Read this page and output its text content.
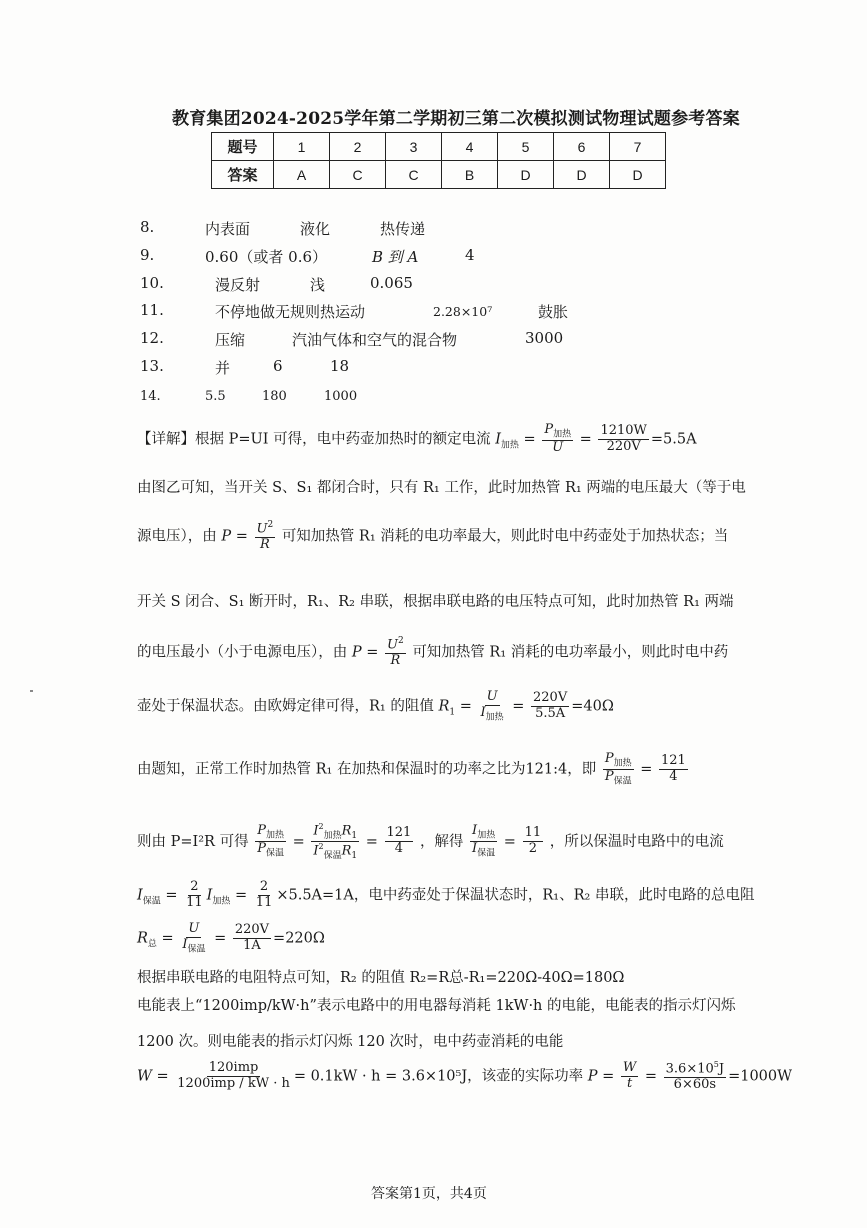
教育集团2024-2025学年第二学期初三第二次模拟测试物理试题参考答案
题号	1	2	3	4	5	6	7
答案	A	C	C	B	D	D	D
8.	内表面	液化	热传递
9.	0.60（或者 0.6）	B 到 A	4
10.	漫反射	浅	0.065
11.	不停地做无规则热运动	2.28×10⁷	鼓胀
12.	压缩	汽油气体和空气的混合物	3000
13.	并	6	18
14.	5.5	180	1000
【详解】根据 P=UI 可得，电中药壶加热时的额定电流 $I_{加热} = \frac{P_{加热}}{U} = \frac{1210W}{220V} =5.5A$
由图乙可知，当开关 S、S₁ 都闭合时，只有 R₁ 工作，此时加热管 R₁ 两端的电压最大（等于电
源电压），由 $P = \frac{U^2}{R}$ 可知加热管 R₁ 消耗的电功率最大，则此时电中药壶处于加热状态；当
开关 S 闭合、S₁ 断开时，R₁、R₂ 串联，根据串联电路的电压特点可知，此时加热管 R₁ 两端
的电压最小（小于电源电压），由 $P = \frac{U^2}{R}$ 可知加热管 R₁ 消耗的电功率最小，则此时电中药
壶处于保温状态。由欧姆定律可得，R₁ 的阻值 $R_1 = \frac{U}{I_{加热}} = \frac{220V}{5.5A} =40\Omega$
由题知，正常工作时加热管 R₁ 在加热和保温时的功率之比为121:4，即 $\frac{P_{加热}}{P_{保温}} = \frac{121}{4}$
则由 P=I²R 可得 $\frac{P_{加热}}{P_{保温}} = \frac{I^2_{加热}R_1}{I^2_{保温}R_1} = \frac{121}{4}$ ，解得 $\frac{I_{加热}}{I_{保温}} = \frac{11}{2}$ ，所以保温时电路中的电流
$I_{保温} = \frac{2}{11} I_{加热} = \frac{2}{11} \times 5.5A=1A$，电中药壶处于保温状态时，R₁、R₂ 串联，此时电路的总电阻
$R_总 = \frac{U}{I_{保温}} = \frac{220V}{1A} =220\Omega$
根据串联电路的电阻特点可知，R₂ 的阻值 R₂=R总-R₁=220Ω-40Ω=180Ω
电能表上“1200imp/kW·h”表示电路中的用电器每消耗 1kW·h 的电能，电能表的指示灯闪烁
1200 次。则电能表的指示灯闪烁 120 次时，电中药壶消耗的电能
$W = \frac{\text{120imp}}{\text{1200imp / kW · h}} = 0.1kW \cdot h = 3.6\times 10^5J$，该壶的实际功率 $P = \frac{W}{t} = \frac{3.6\times 10^5J}{6\times 60s} =1000W$
答案第1页，共4页
